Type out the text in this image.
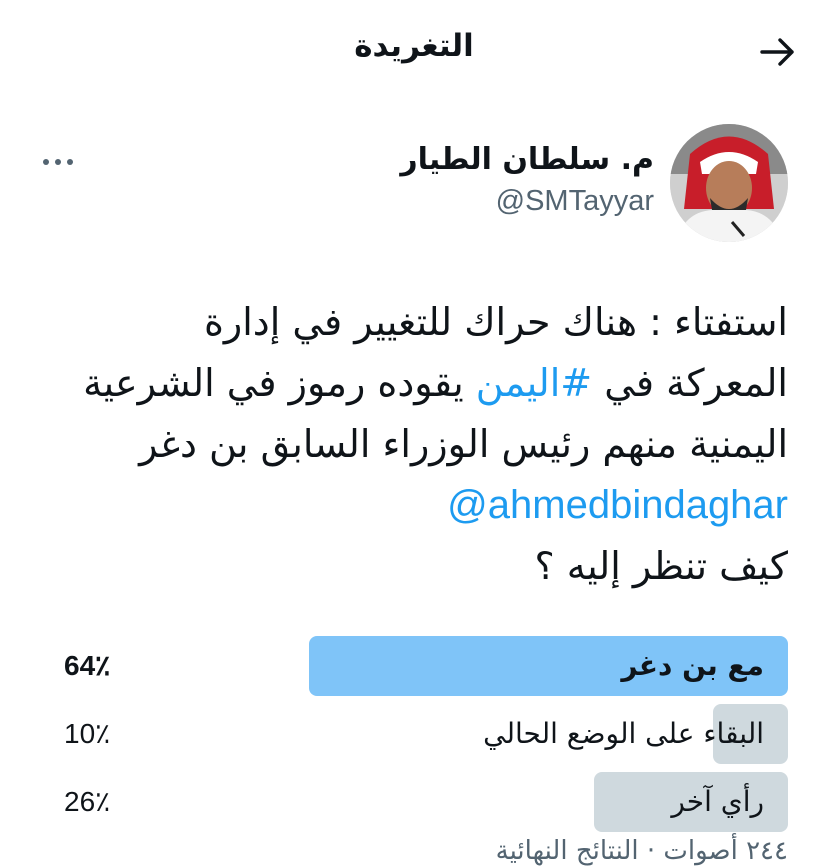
التغريدة
م. سلطان الطيار
@SMTayyar
استفتاء : هناك حراك للتغيير في إدارة
المعركة في #اليمن يقوده رموز في الشرعية
اليمنية منهم رئيس الوزراء السابق بن دغر
@ahmedbindaghar
كيف تنظر إليه ؟
مع بن دغر
64٪
البقاء على الوضع الحالي
10٪
رأي آخر
26٪
٢٤٤ أصوات · النتائج النهائية
